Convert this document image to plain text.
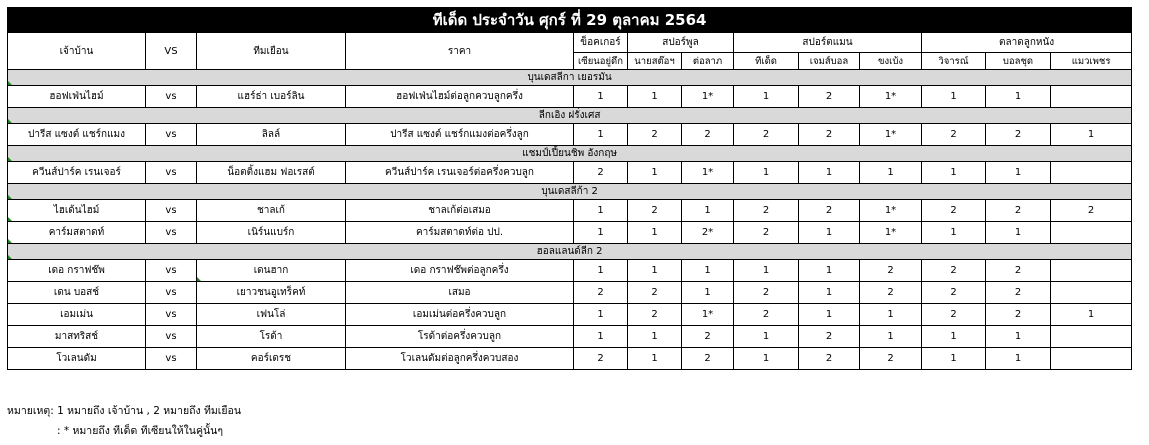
ทีเด็ด ประจำวัน ศุกร์ ที่ 29 ตุลาคม 2564												
เจ้าบ้าน	VS	ทีมเยือน	ราคา	ข็อคเกอร์	สปอร์พูล		สปอร์ตแมน			ตลาดลูกหนัง		
				เซียนอยู่ดึก	นายสต๊อฯ	ต่อลาภ	ทีเด็ด	เจมส์บอล	ขงเบ้ง	วิจารณ์	บอลชุด	แมวเพชร
บุนเดสลีกา เยอรมัน												

ฮอฟเฟ่นไฮม์	vs	แฮร์ธ่า เบอร์ลิน	ฮอฟเฟ่นไฮม์ต่อลูกควบลูกครึ่ง	1	1	1*	1	2	1*	1	1	
ลีกเอิง ฝรั่งเศส												

ปารีส แซงต์ แชร์กแมง	vs	ลิลล์	ปารีส แซงต์ แชร์กแมงต่อครึ่งลูก	1	2	2	2	2	1*	2	2	1
แชมป์เปี้ยนชิพ อังกฤษ												

ควีนส์ปาร์ค เรนเจอร์	vs	น็อตติ้งแฮม ฟอเรสต์	ควีนส์ปาร์ค เรนเจอร์ต่อครึ่งควบลูก	2	1	1*	1	1	1	1	1	
บุนเดสลีก้า 2												

ไฮเด้นไฮม์	vs	ชาลเก้	ชาลเก้ต่อเสมอ	1	2	1	2	2	1*	2	2	2
คาร์มสตาดท์	vs	เนิร์นแบร์ก	คาร์มสตาดท์ต่อ ปป.	1	1	2*	2	1	1*	1	1	
ฮอลแลนด์ลีก 2												

เดอ กราฟช๊พ	vs	เดนฮาก	เดอ กราฟช๊พต่อลูกครึ่ง	1	1	1	1	1	2	2	2	
เดน บอสช์	vs	เยาวชนอูเทร็คท์	เสมอ	2	2	1	2	1	2	2	2	
เอมเม่น	vs	เฟนโล่	เอมเม่นต่อครึ่งควบลูก	1	2	1*	2	1	1	2	2	1
มาสทริสช์	vs	โรด้า	โรด้าต่อครึ่งควบลูก	1	1	2	1	2	1	1	1	
โวเลนดัม	vs	คอร์เดรช	โวเลนดัมต่อลูกครึ่งควบสอง	2	1	2	1	2	2	1	1	
หมายเหตุ: 1 หมายถึง เจ้าบ้าน , 2 หมายถึง ทีมเยือน
: * หมายถึง ทีเด็ด ทีเซียนให้ในคู่นั้นๆ
